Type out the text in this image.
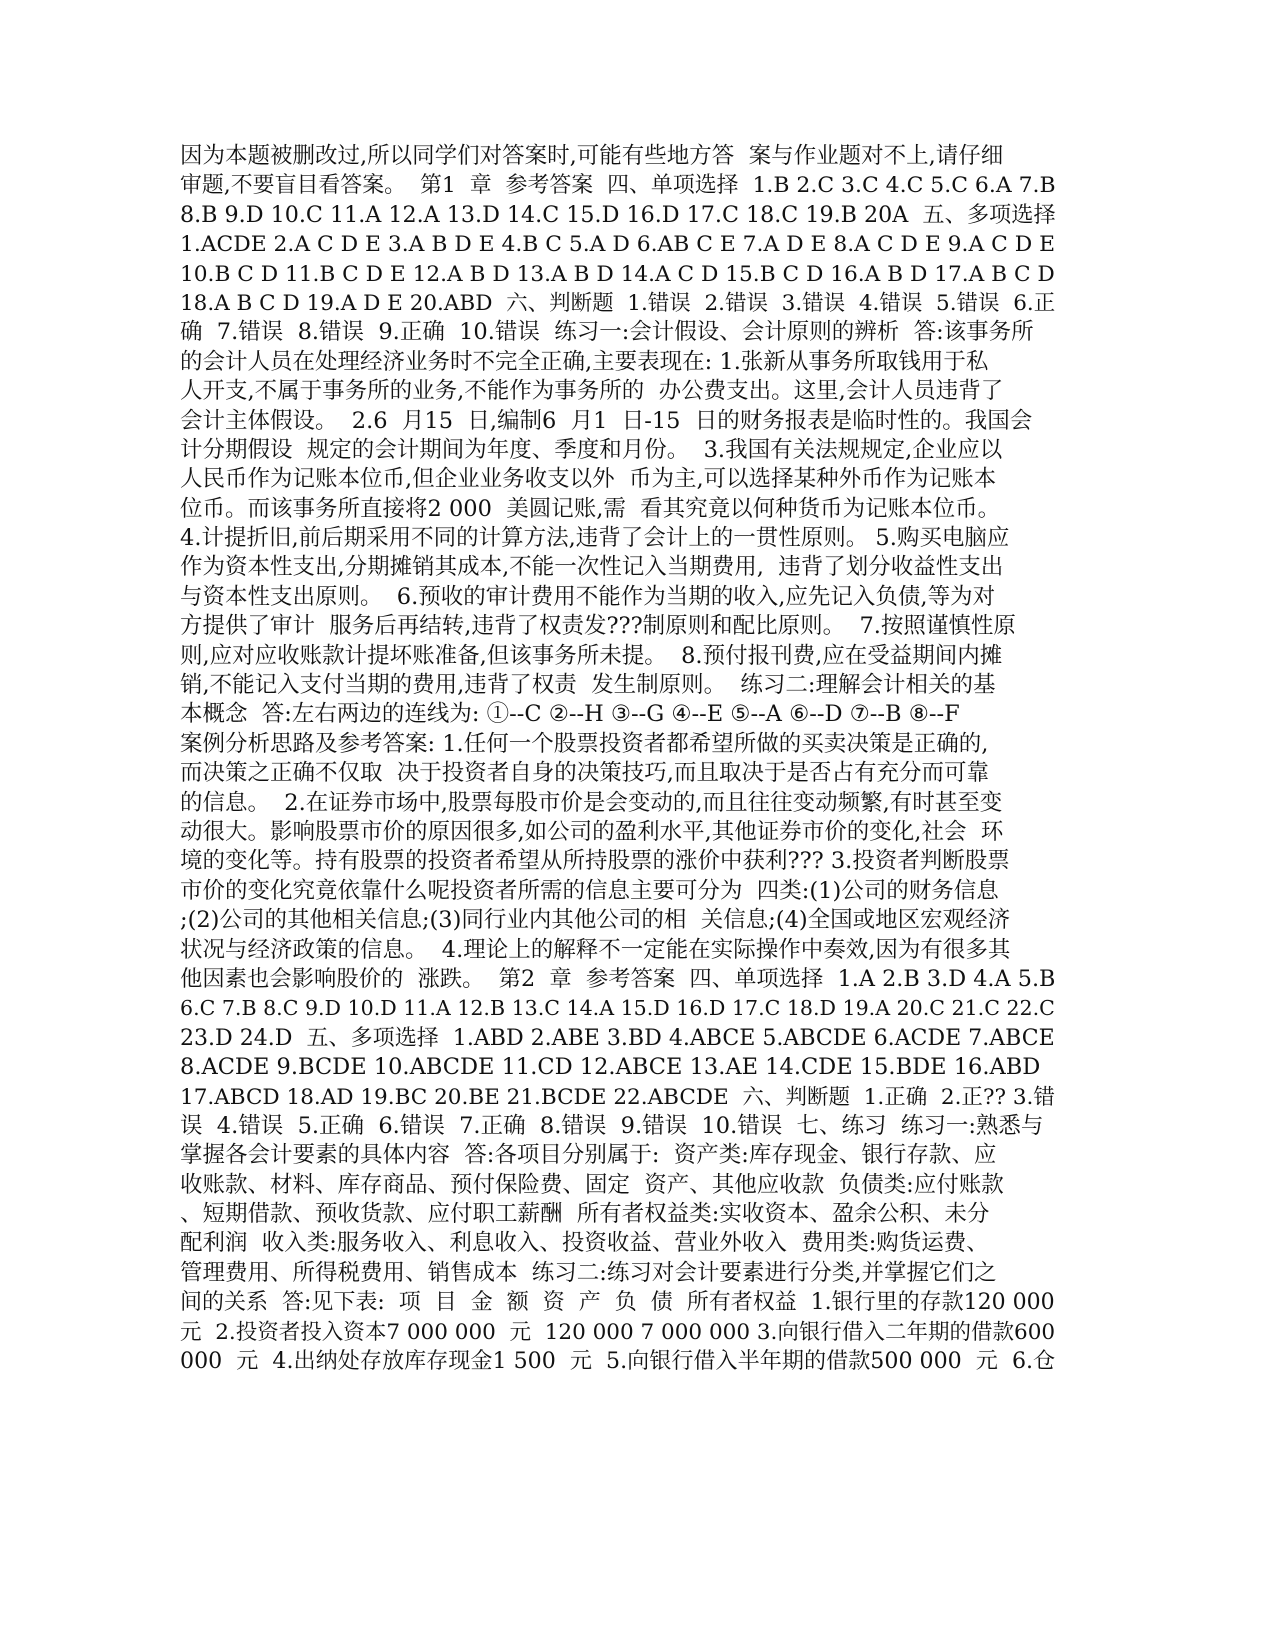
因为本题被删改过,所以同学们对答案时,可能有些地方答  案与作业题对不上,请仔细
审题,不要盲目看答案。  第1  章  参考答案  四、单项选择  1.B 2.C 3.C 4.C 5.C 6.A 7.B
8.B 9.D 10.C 11.A 12.A 13.D 14.C 15.D 16.D 17.C 18.C 19.B 20A  五、多项选择
1.ACDE 2.A C D E 3.A B D E 4.B C 5.A D 6.AB C E 7.A D E 8.A C D E 9.A C D E
10.B C D 11.B C D E 12.A B D 13.A B D 14.A C D 15.B C D 16.A B D 17.A B C D
18.A B C D 19.A D E 20.ABD  六、判断题  1.错误  2.错误  3.错误  4.错误  5.错误  6.正
确  7.错误  8.错误  9.正确  10.错误  练习一:会计假设、会计原则的辨析  答:该事务所
的会计人员在处理经济业务时不完全正确,主要表现在: 1.张新从事务所取钱用于私
人开支,不属于事务所的业务,不能作为事务所的  办公费支出。这里,会计人员违背了
会计主体假设。  2.6  月15  日,编制6  月1  日-15  日的财务报表是临时性的。我国会
计分期假设  规定的会计期间为年度、季度和月份。  3.我国有关法规规定,企业应以
人民币作为记账本位币,但企业业务收支以外  币为主,可以选择某种外币作为记账本
位币。而该事务所直接将2 000  美圆记账,需  看其究竟以何种货币为记账本位币。
4.计提折旧,前后期采用不同的计算方法,违背了会计上的一贯性原则。 5.购买电脑应
作为资本性支出,分期摊销其成本,不能一次性记入当期费用,  违背了划分收益性支出
与资本性支出原则。  6.预收的审计费用不能作为当期的收入,应先记入负债,等为对
方提供了审计  服务后再结转,违背了权责发???制原则和配比原则。  7.按照谨慎性原
则,应对应收账款计提坏账准备,但该事务所未提。  8.预付报刊费,应在受益期间内摊
销,不能记入支付当期的费用,违背了权责  发生制原则。  练习二:理解会计相关的基
本概念  答:左右两边的连线为: ①--C ②--H ③--G ④--E ⑤--A ⑥--D ⑦--B ⑧--F
案例分析思路及参考答案: 1.任何一个股票投资者都希望所做的买卖决策是正确的,
而决策之正确不仅取  决于投资者自身的决策技巧,而且取决于是否占有充分而可靠
的信息。  2.在证券市场中,股票每股市价是会变动的,而且往往变动频繁,有时甚至变
动很大。影响股票市价的原因很多,如公司的盈利水平,其他证券市价的变化,社会  环
境的变化等。持有股票的投资者希望从所持股票的涨价中获利??? 3.投资者判断股票
市价的变化究竟依靠什么呢投资者所需的信息主要可分为  四类:(1)公司的财务信息
;(2)公司的其他相关信息;(3)同行业内其他公司的相  关信息;(4)全国或地区宏观经济
状况与经济政策的信息。  4.理论上的解释不一定能在实际操作中奏效,因为有很多其
他因素也会影响股价的  涨跌。  第2  章  参考答案  四、单项选择  1.A 2.B 3.D 4.A 5.B
6.C 7.B 8.C 9.D 10.D 11.A 12.B 13.C 14.A 15.D 16.D 17.C 18.D 19.A 20.C 21.C 22.C
23.D 24.D  五、多项选择  1.ABD 2.ABE 3.BD 4.ABCE 5.ABCDE 6.ACDE 7.ABCE
8.ACDE 9.BCDE 10.ABCDE 11.CD 12.ABCE 13.AE 14.CDE 15.BDE 16.ABD
17.ABCD 18.AD 19.BC 20.BE 21.BCDE 22.ABCDE  六、判断题  1.正确  2.正?? 3.错
误  4.错误  5.正确  6.错误  7.正确  8.错误  9.错误  10.错误  七、练习  练习一:熟悉与
掌握各会计要素的具体内容  答:各项目分别属于:  资产类:库存现金、银行存款、应
收账款、材料、库存商品、预付保险费、固定  资产、其他应收款  负债类:应付账款
、短期借款、预收货款、应付职工薪酬  所有者权益类:实收资本、盈余公积、未分
配利润  收入类:服务收入、利息收入、投资收益、营业外收入  费用类:购货运费、
管理费用、所得税费用、销售成本  练习二:练习对会计要素进行分类,并掌握它们之
间的关系  答:见下表:  项  目  金  额  资  产  负  债  所有者权益  1.银行里的存款120 000
元  2.投资者投入资本7 000 000  元  120 000 7 000 000 3.向银行借入二年期的借款600
000  元  4.出纳处存放库存现金1 500  元  5.向银行借入半年期的借款500 000  元  6.仓
